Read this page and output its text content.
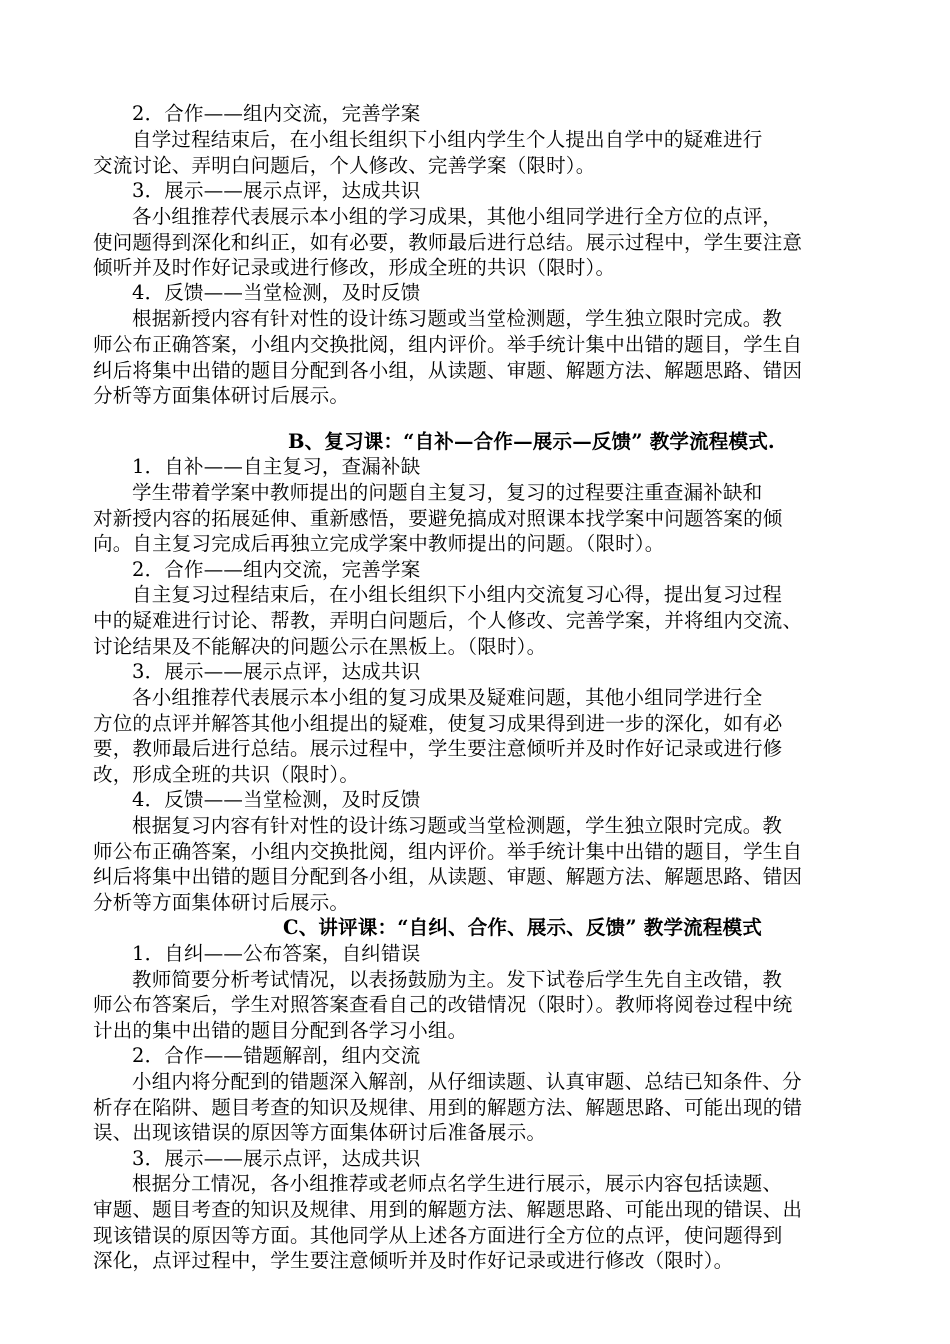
2．合作——组内交流，完善学案
自学过程结束后，在小组长组织下小组内学生个人提出自学中的疑难进行
交流讨论、弄明白问题后，个人修改、完善学案（限时）。
3．展示——展示点评，达成共识
各小组推荐代表展示本小组的学习成果，其他小组同学进行全方位的点评，
使问题得到深化和纠正，如有必要，教师最后进行总结。展示过程中，学生要注意
倾听并及时作好记录或进行修改，形成全班的共识（限时）。
4．反馈——当堂检测，及时反馈
根据新授内容有针对性的设计练习题或当堂检测题，学生独立限时完成。教
师公布正确答案，小组内交换批阅，组内评价。举手统计集中出错的题目，学生自
纠后将集中出错的题目分配到各小组，从读题、审题、解题方法、解题思路、错因
分析等方面集体研讨后展示。
B、复习课：“自补—合作—展示—反馈” 教学流程模式.
1．自补——自主复习，查漏补缺
学生带着学案中教师提出的问题自主复习，复习的过程要注重查漏补缺和
对新授内容的拓展延伸、重新感悟，要避免搞成对照课本找学案中问题答案的倾
向。自主复习完成后再独立完成学案中教师提出的问题。（限时）。
2．合作——组内交流，完善学案
自主复习过程结束后，在小组长组织下小组内交流复习心得，提出复习过程
中的疑难进行讨论、帮教，弄明白问题后，个人修改、完善学案，并将组内交流、
讨论结果及不能解决的问题公示在黑板上。（限时）。
3．展示——展示点评，达成共识
各小组推荐代表展示本小组的复习成果及疑难问题，其他小组同学进行全
方位的点评并解答其他小组提出的疑难，使复习成果得到进一步的深化，如有必
要，教师最后进行总结。展示过程中，学生要注意倾听并及时作好记录或进行修
改，形成全班的共识（限时）。
4．反馈——当堂检测，及时反馈
根据复习内容有针对性的设计练习题或当堂检测题，学生独立限时完成。教
师公布正确答案，小组内交换批阅，组内评价。举手统计集中出错的题目，学生自
纠后将集中出错的题目分配到各小组，从读题、审题、解题方法、解题思路、错因
分析等方面集体研讨后展示。
C、讲评课：“自纠、合作、展示、反馈” 教学流程模式
1．自纠——公布答案，自纠错误
教师简要分析考试情况，以表扬鼓励为主。发下试卷后学生先自主改错，教
师公布答案后，学生对照答案查看自己的改错情况（限时）。教师将阅卷过程中统
计出的集中出错的题目分配到各学习小组。
2．合作——错题解剖，组内交流
小组内将分配到的错题深入解剖，从仔细读题、认真审题、总结已知条件、分
析存在陷阱、题目考查的知识及规律、用到的解题方法、解题思路、可能出现的错
误、出现该错误的原因等方面集体研讨后准备展示。
3．展示——展示点评，达成共识
根据分工情况，各小组推荐或老师点名学生进行展示，展示内容包括读题、
审题、题目考查的知识及规律、用到的解题方法、解题思路、可能出现的错误、出
现该错误的原因等方面。其他同学从上述各方面进行全方位的点评，使问题得到
深化，点评过程中，学生要注意倾听并及时作好记录或进行修改（限时）。
